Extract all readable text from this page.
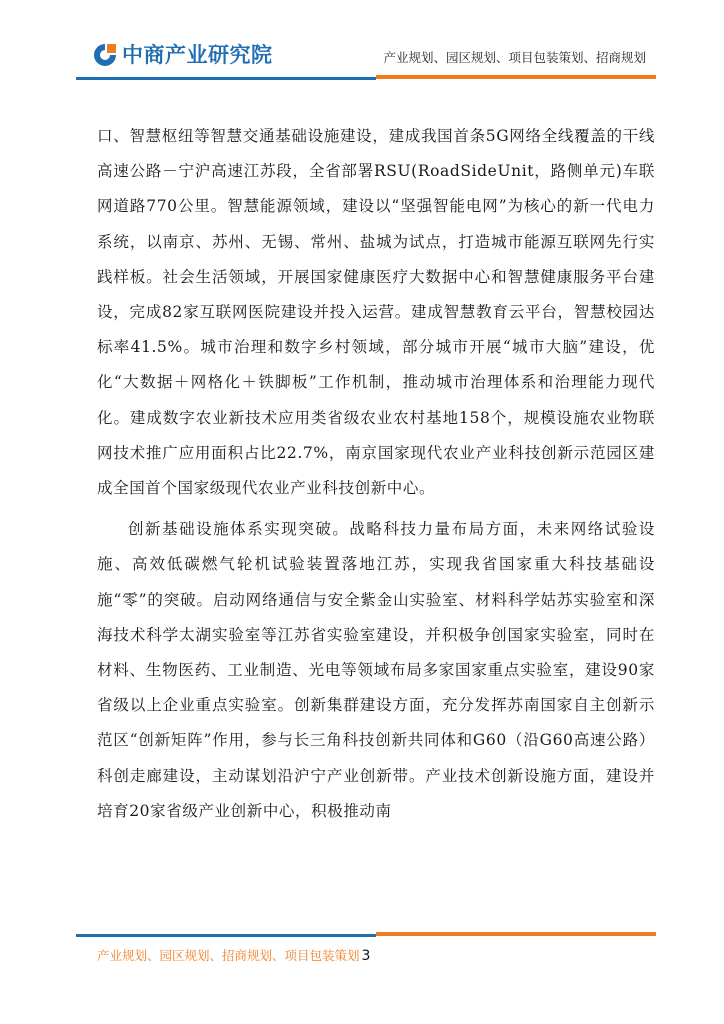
中商产业研究院	产业规划、园区规划、项目包装策划、招商规划

口、智慧枢纽等智慧交通基础设施建设，建成我国首条5G网络全线覆盖的干线高速公路－宁沪高速江苏段，全省部署RSU(RoadSideUnit，路侧单元)车联网道路770公里。智慧能源领域，建设以“坚强智能电网”为核心的新一代电力系统，以南京、苏州、无锡、常州、盐城为试点，打造城市能源互联网先行实践样板。社会生活领域，开展国家健康医疗大数据中心和智慧健康服务平台建设，完成82家互联网医院建设并投入运营。建成智慧教育云平台，智慧校园达标率41.5%。城市治理和数字乡村领域，部分城市开展“城市大脑”建设，优化“大数据＋网格化＋铁脚板”工作机制，推动城市治理体系和治理能力现代化。建成数字农业新技术应用类省级农业农村基地158个，规模设施农业物联网技术推广应用面积占比22.7%，南京国家现代农业产业科技创新示范园区建成全国首个国家级现代农业产业科技创新中心。

创新基础设施体系实现突破。战略科技力量布局方面，未来网络试验设施、高效低碳燃气轮机试验装置落地江苏，实现我省国家重大科技基础设施“零”的突破。启动网络通信与安全紫金山实验室、材料科学姑苏实验室和深海技术科学太湖实验室等江苏省实验室建设，并积极争创国家实验室，同时在材料、生物医药、工业制造、光电等领域布局多家国家重点实验室，建设90家省级以上企业重点实验室。创新集群建设方面，充分发挥苏南国家自主创新示范区“创新矩阵”作用，参与长三角科技创新共同体和G60（沿G60高速公路）科创走廊建设，主动谋划沿沪宁产业创新带。产业技术创新设施方面，建设并培育20家省级产业创新中心，积极推动南

产业规划、园区规划、招商规划、项目包装策划 3
